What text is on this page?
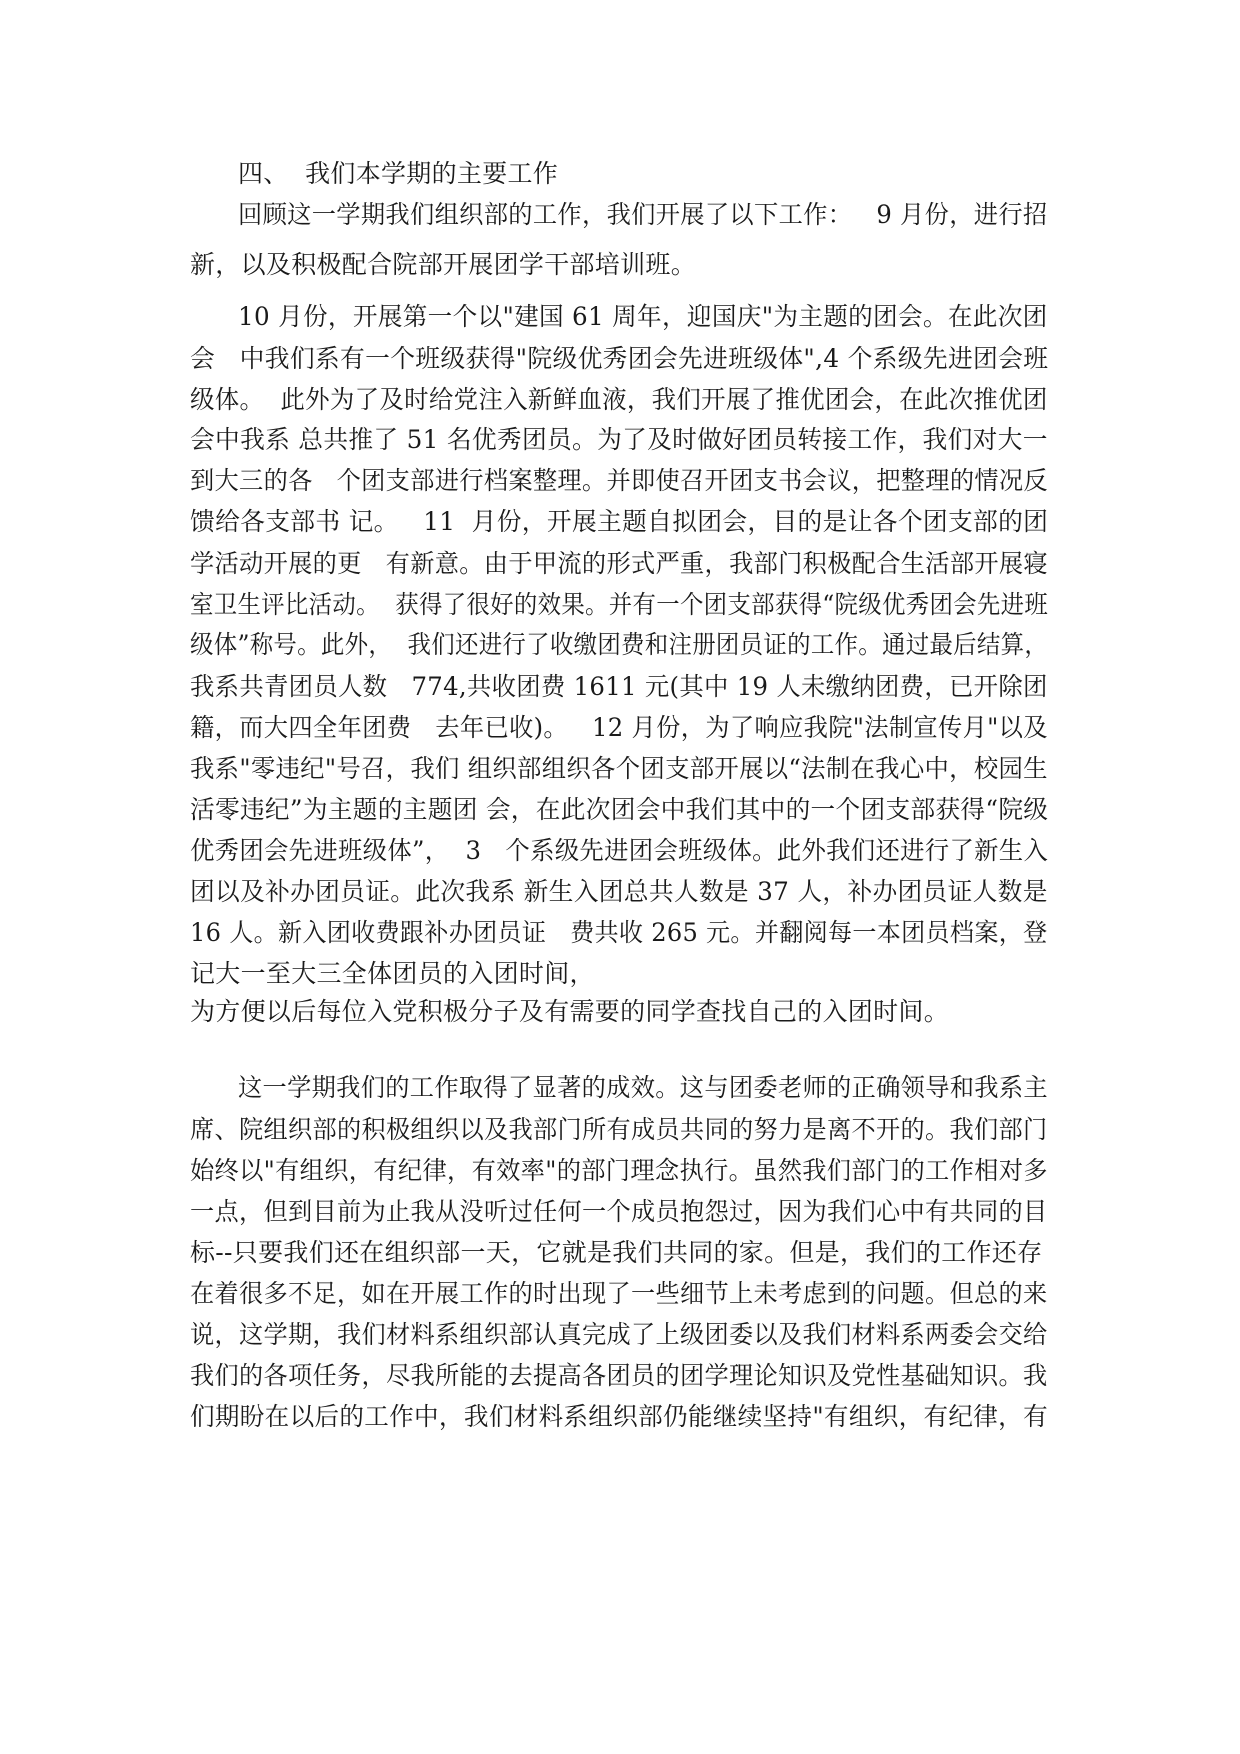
四、  我们本学期的主要工作
回顾这一学期我们组织部的工作，我们开展了以下工作：   9 月份，进行招
新，以及积极配合院部开展团学干部培训班。
10 月份，开展第一个以"建国 61 周年，迎国庆"为主题的团会。在此次团
会   中我们系有一个班级获得"院级优秀团会先进班级体",4 个系级先进团会班
级体。  此外为了及时给党注入新鲜血液，我们开展了推优团会，在此次推优团
会中我系 总共推了 51 名优秀团员。为了及时做好团员转接工作，我们对大一
到大三的各   个团支部进行档案整理。并即使召开团支书会议，把整理的情况反
馈给各支部书 记。   11  月份，开展主题自拟团会，目的是让各个团支部的团
学活动开展的更   有新意。由于甲流的形式严重，我部门积极配合生活部开展寝
室卫生评比活动。  获得了很好的效果。并有一个团支部获得“院级优秀团会先进班
级体”称号。此外，  我们还进行了收缴团费和注册团员证的工作。通过最后结算，
我系共青团员人数   774,共收团费 1611 元(其中 19 人未缴纳团费，已开除团
籍，而大四全年团费   去年已收)。   12 月份，为了响应我院"法制宣传月"以及
我系"零违纪"号召，我们 组织部组织各个团支部开展以“法制在我心中，校园生
活零违纪”为主题的主题团 会，在此次团会中我们其中的一个团支部获得“院级
优秀团会先进班级体”，  3   个系级先进团会班级体。此外我们还进行了新生入
团以及补办团员证。此次我系 新生入团总共人数是 37 人，补办团员证人数是
16 人。新入团收费跟补办团员证   费共收 265 元。并翻阅每一本团员档案，登
记大一至大三全体团员的入团时间，
为方便以后每位入党积极分子及有需要的同学查找自己的入团时间。
这一学期我们的工作取得了显著的成效。这与团委老师的正确领导和我系主
席、院组织部的积极组织以及我部门所有成员共同的努力是离不开的。我们部门
始终以"有组织，有纪律，有效率"的部门理念执行。虽然我们部门的工作相对多
一点，但到目前为止我从没听过任何一个成员抱怨过，因为我们心中有共同的目
标--只要我们还在组织部一天，它就是我们共同的家。但是，我们的工作还存
在着很多不足，如在开展工作的时出现了一些细节上未考虑到的问题。但总的来
说，这学期，我们材料系组织部认真完成了上级团委以及我们材料系两委会交给
我们的各项任务，尽我所能的去提高各团员的团学理论知识及党性基础知识。我
们期盼在以后的工作中，我们材料系组织部仍能继续坚持"有组织，有纪律，有
